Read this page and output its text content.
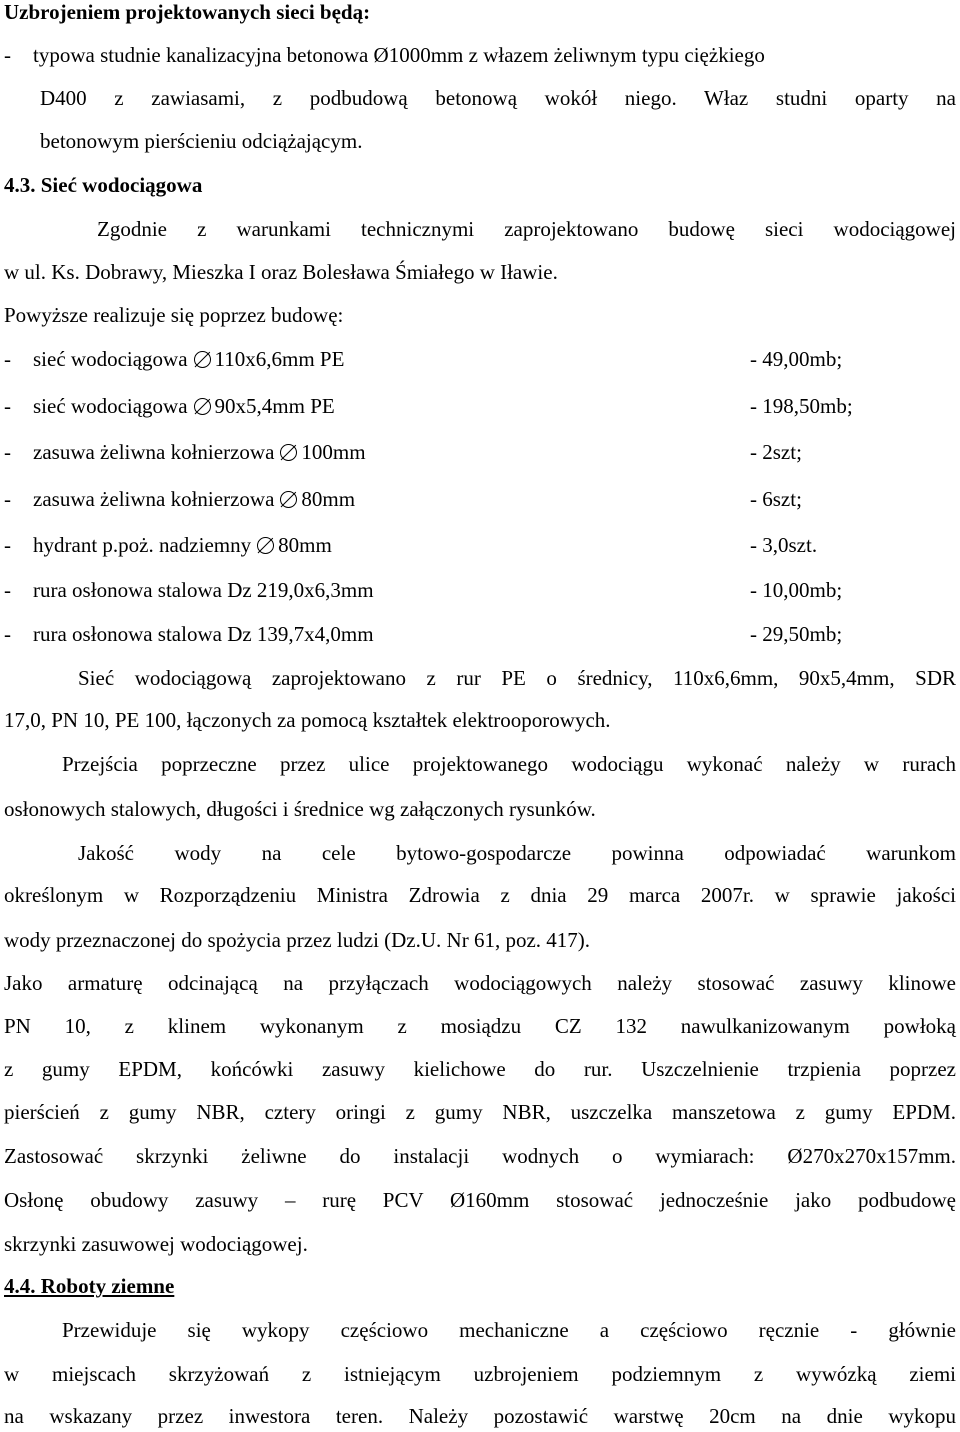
Uzbrojeniem projektowanych sieci będą:
- typowa studnie kanalizacyjna betonowa Ø1000mm z włazem żeliwnym typu ciężkiego
D400 z zawiasami, z podbudową betonową wokół niego. Właz studni oparty na
betonowym pierścieniu odciążającym.
4.3. Sieć wodociągowa
Zgodnie z warunkami technicznymi zaprojektowano budowę sieci wodociągowej
w ul. Ks. Dobrawy, Mieszka I oraz Bolesława Śmiałego w Iławie.
Powyższe realizuje się poprzez budowę:
- sieć wodociągowa 110x6,6mm PE	- 49,00mb;
- sieć wodociągowa 90x5,4mm PE	- 198,50mb;
- zasuwa żeliwna kołnierzowa 100mm	- 2szt;
- zasuwa żeliwna kołnierzowa 80mm	- 6szt;
- hydrant p.poż. nadziemny 80mm	- 3,0szt.
- rura osłonowa stalowa Dz 219,0x6,3mm	- 10,00mb;
- rura osłonowa stalowa Dz 139,7x4,0mm	- 29,50mb;
Sieć wodociągową zaprojektowano z rur PE o średnicy, 110x6,6mm, 90x5,4mm, SDR
17,0, PN 10, PE 100, łączonych za pomocą kształtek elektrooporowych.
Przejścia poprzeczne przez ulice projektowanego wodociągu wykonać należy w rurach
osłonowych stalowych, długości i średnice wg załączonych rysunków.
Jakość wody na cele bytowo-gospodarcze powinna odpowiadać warunkom
określonym w Rozporządzeniu Ministra Zdrowia z dnia 29 marca 2007r. w sprawie jakości
wody przeznaczonej do spożycia przez ludzi (Dz.U. Nr 61, poz. 417).
Jako armaturę odcinającą na przyłączach wodociągowych należy stosować zasuwy klinowe
PN 10, z klinem wykonanym z mosiądzu CZ 132 nawulkanizowanym powłoką
z gumy EPDM, końcówki zasuwy kielichowe do rur. Uszczelnienie trzpienia poprzez
pierścień z gumy NBR, cztery oringi z gumy NBR, uszczelka manszetowa z gumy EPDM.
Zastosować skrzynki żeliwne do instalacji wodnych o wymiarach: Ø270x270x157mm.
Osłonę obudowy zasuwy – rurę PCV Ø160mm stosować jednocześnie jako podbudowę
skrzynki zasuwowej wodociągowej.
4.4. Roboty ziemne
Przewiduje się wykopy częściowo mechaniczne a częściowo ręcznie - głównie
w miejscach skrzyżowań z istniejącym uzbrojeniem podziemnym z wywózką ziemi
na wskazany przez inwestora teren. Należy pozostawić warstwę 20cm na dnie wykopu
